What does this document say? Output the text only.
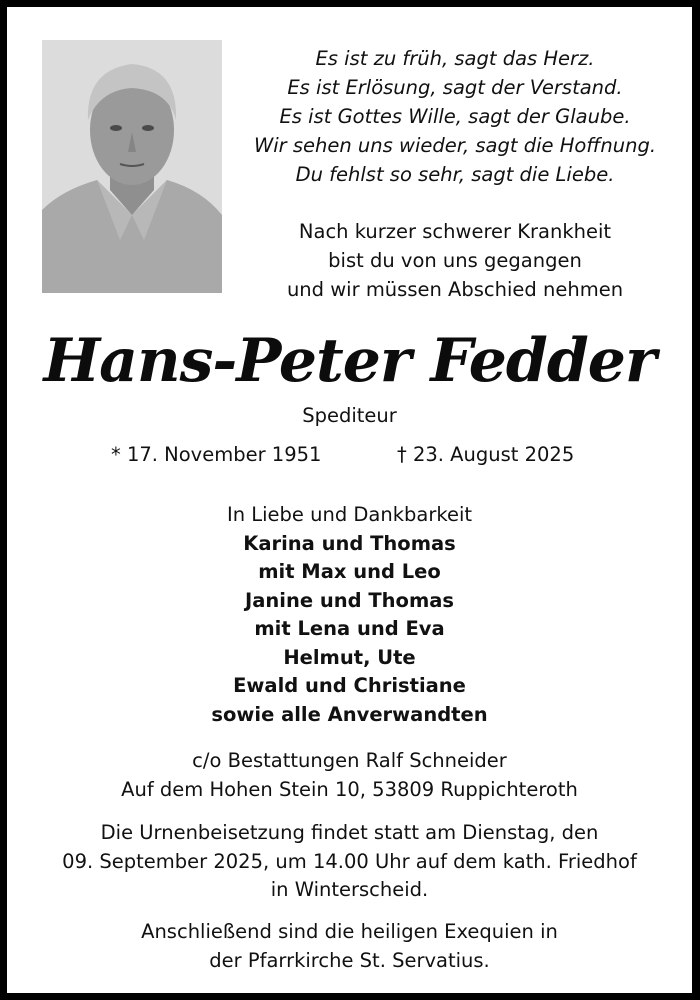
Es ist zu früh, sagt das Herz.
Es ist Erlösung, sagt der Verstand.
Es ist Gottes Wille, sagt der Glaube.
Wir sehen uns wieder, sagt die Hoffnung.
Du fehlst so sehr, sagt die Liebe.
Nach kurzer schwerer Krankheit
bist du von uns gegangen
und wir müssen Abschied nehmen
Hans-Peter Fedder
Spediteur
* 17. November 1951	† 23. August 2025
In Liebe und Dankbarkeit
Karina und Thomas
mit Max und Leo
Janine und Thomas
mit Lena und Eva
Helmut, Ute
Ewald und Christiane
sowie alle Anverwandten
c/o Bestattungen Ralf Schneider
Auf dem Hohen Stein 10, 53809 Ruppichteroth
Die Urnenbeisetzung findet statt am Dienstag, den
09. September 2025, um 14.00 Uhr auf dem kath. Friedhof
in Winterscheid.
Anschließend sind die heiligen Exequien in
der Pfarrkirche St. Servatius.
